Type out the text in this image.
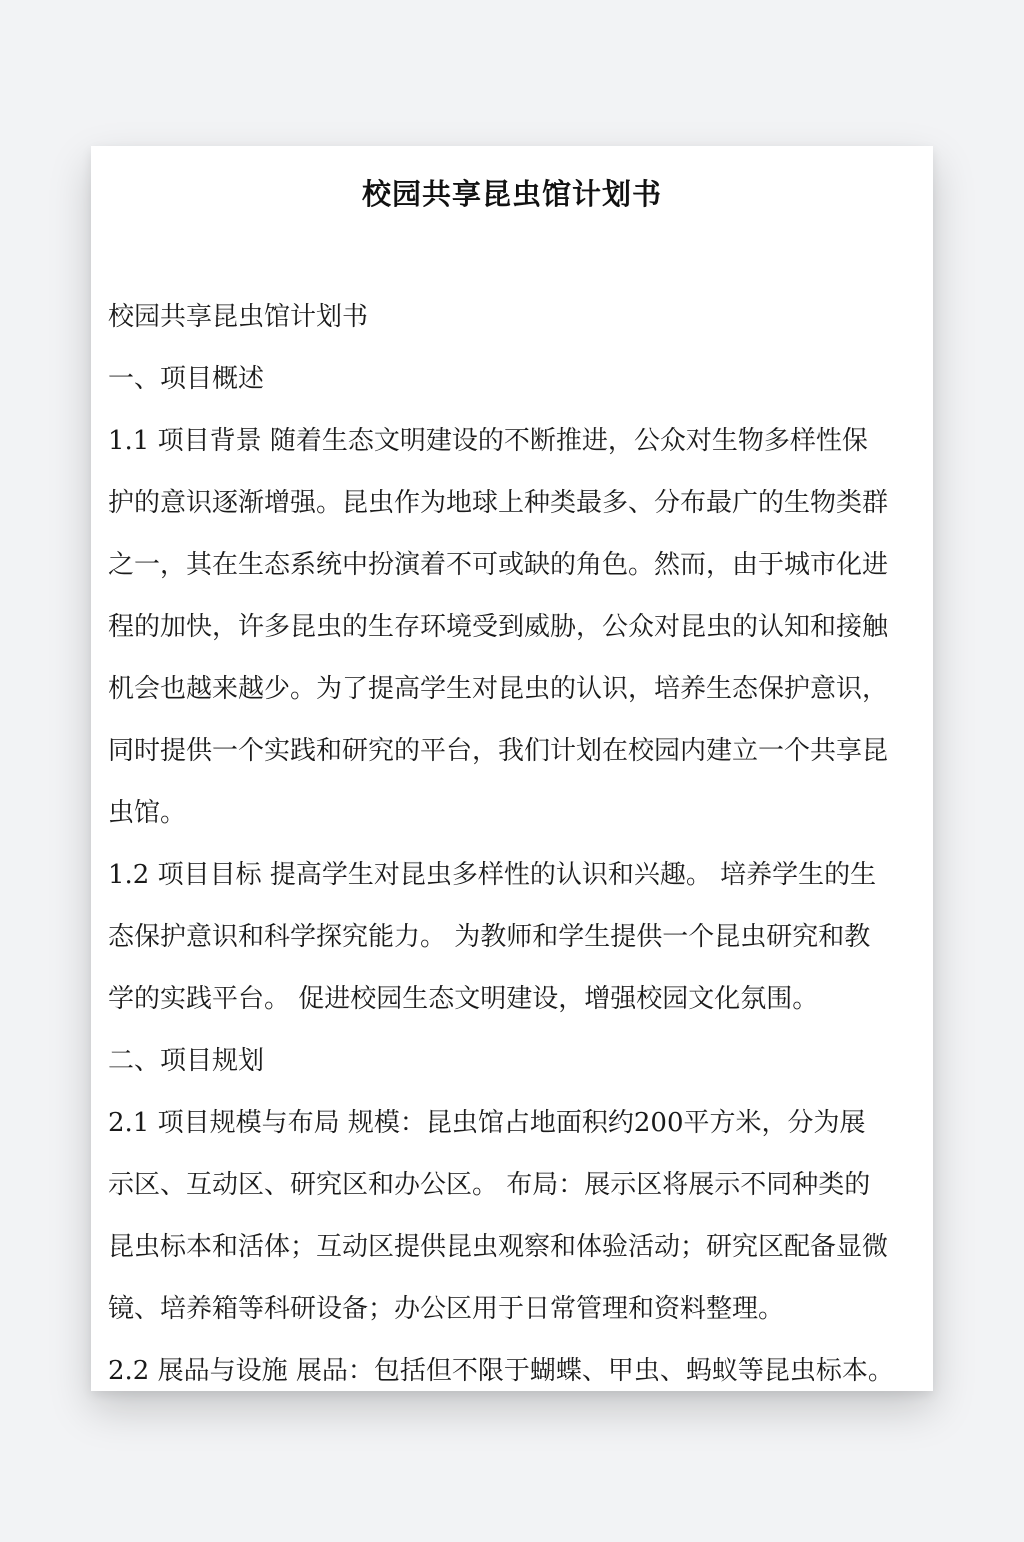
校园共享昆虫馆计划书
校园共享昆虫馆计划书
一、项目概述
1.1 项目背景 随着生态文明建设的不断推进，公众对生物多样性保
护的意识逐渐增强。昆虫作为地球上种类最多、分布最广的生物类群
之一，其在生态系统中扮演着不可或缺的角色。然而，由于城市化进
程的加快，许多昆虫的生存环境受到威胁，公众对昆虫的认知和接触
机会也越来越少。为了提高学生对昆虫的认识，培养生态保护意识，
同时提供一个实践和研究的平台，我们计划在校园内建立一个共享昆
虫馆。
1.2 项目目标 提高学生对昆虫多样性的认识和兴趣。 培养学生的生
态保护意识和科学探究能力。 为教师和学生提供一个昆虫研究和教
学的实践平台。 促进校园生态文明建设，增强校园文化氛围。
二、项目规划
2.1 项目规模与布局 规模：昆虫馆占地面积约200平方米，分为展
示区、互动区、研究区和办公区。 布局：展示区将展示不同种类的
昆虫标本和活体；互动区提供昆虫观察和体验活动；研究区配备显微
镜、培养箱等科研设备；办公区用于日常管理和资料整理。
2.2 展品与设施 展品：包括但不限于蝴蝶、甲虫、蚂蚁等昆虫标本。
